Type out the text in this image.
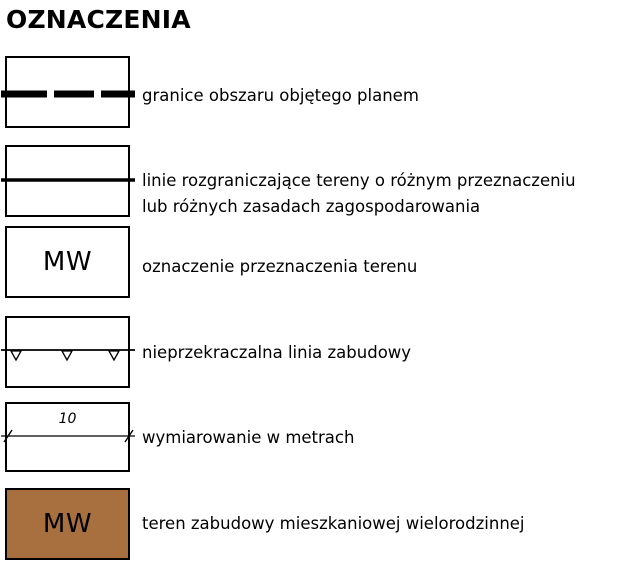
OZNACZENIA
granice obszaru objętego planem
linie rozgraniczające tereny o różnym przeznaczeniu
lub różnych zasadach zagospodarowania
MW	oznaczenie przeznaczenia terenu
nieprzekraczalna linia zabudowy
10
wymiarowanie w metrach
MW	teren zabudowy mieszkaniowej wielorodzinnej
